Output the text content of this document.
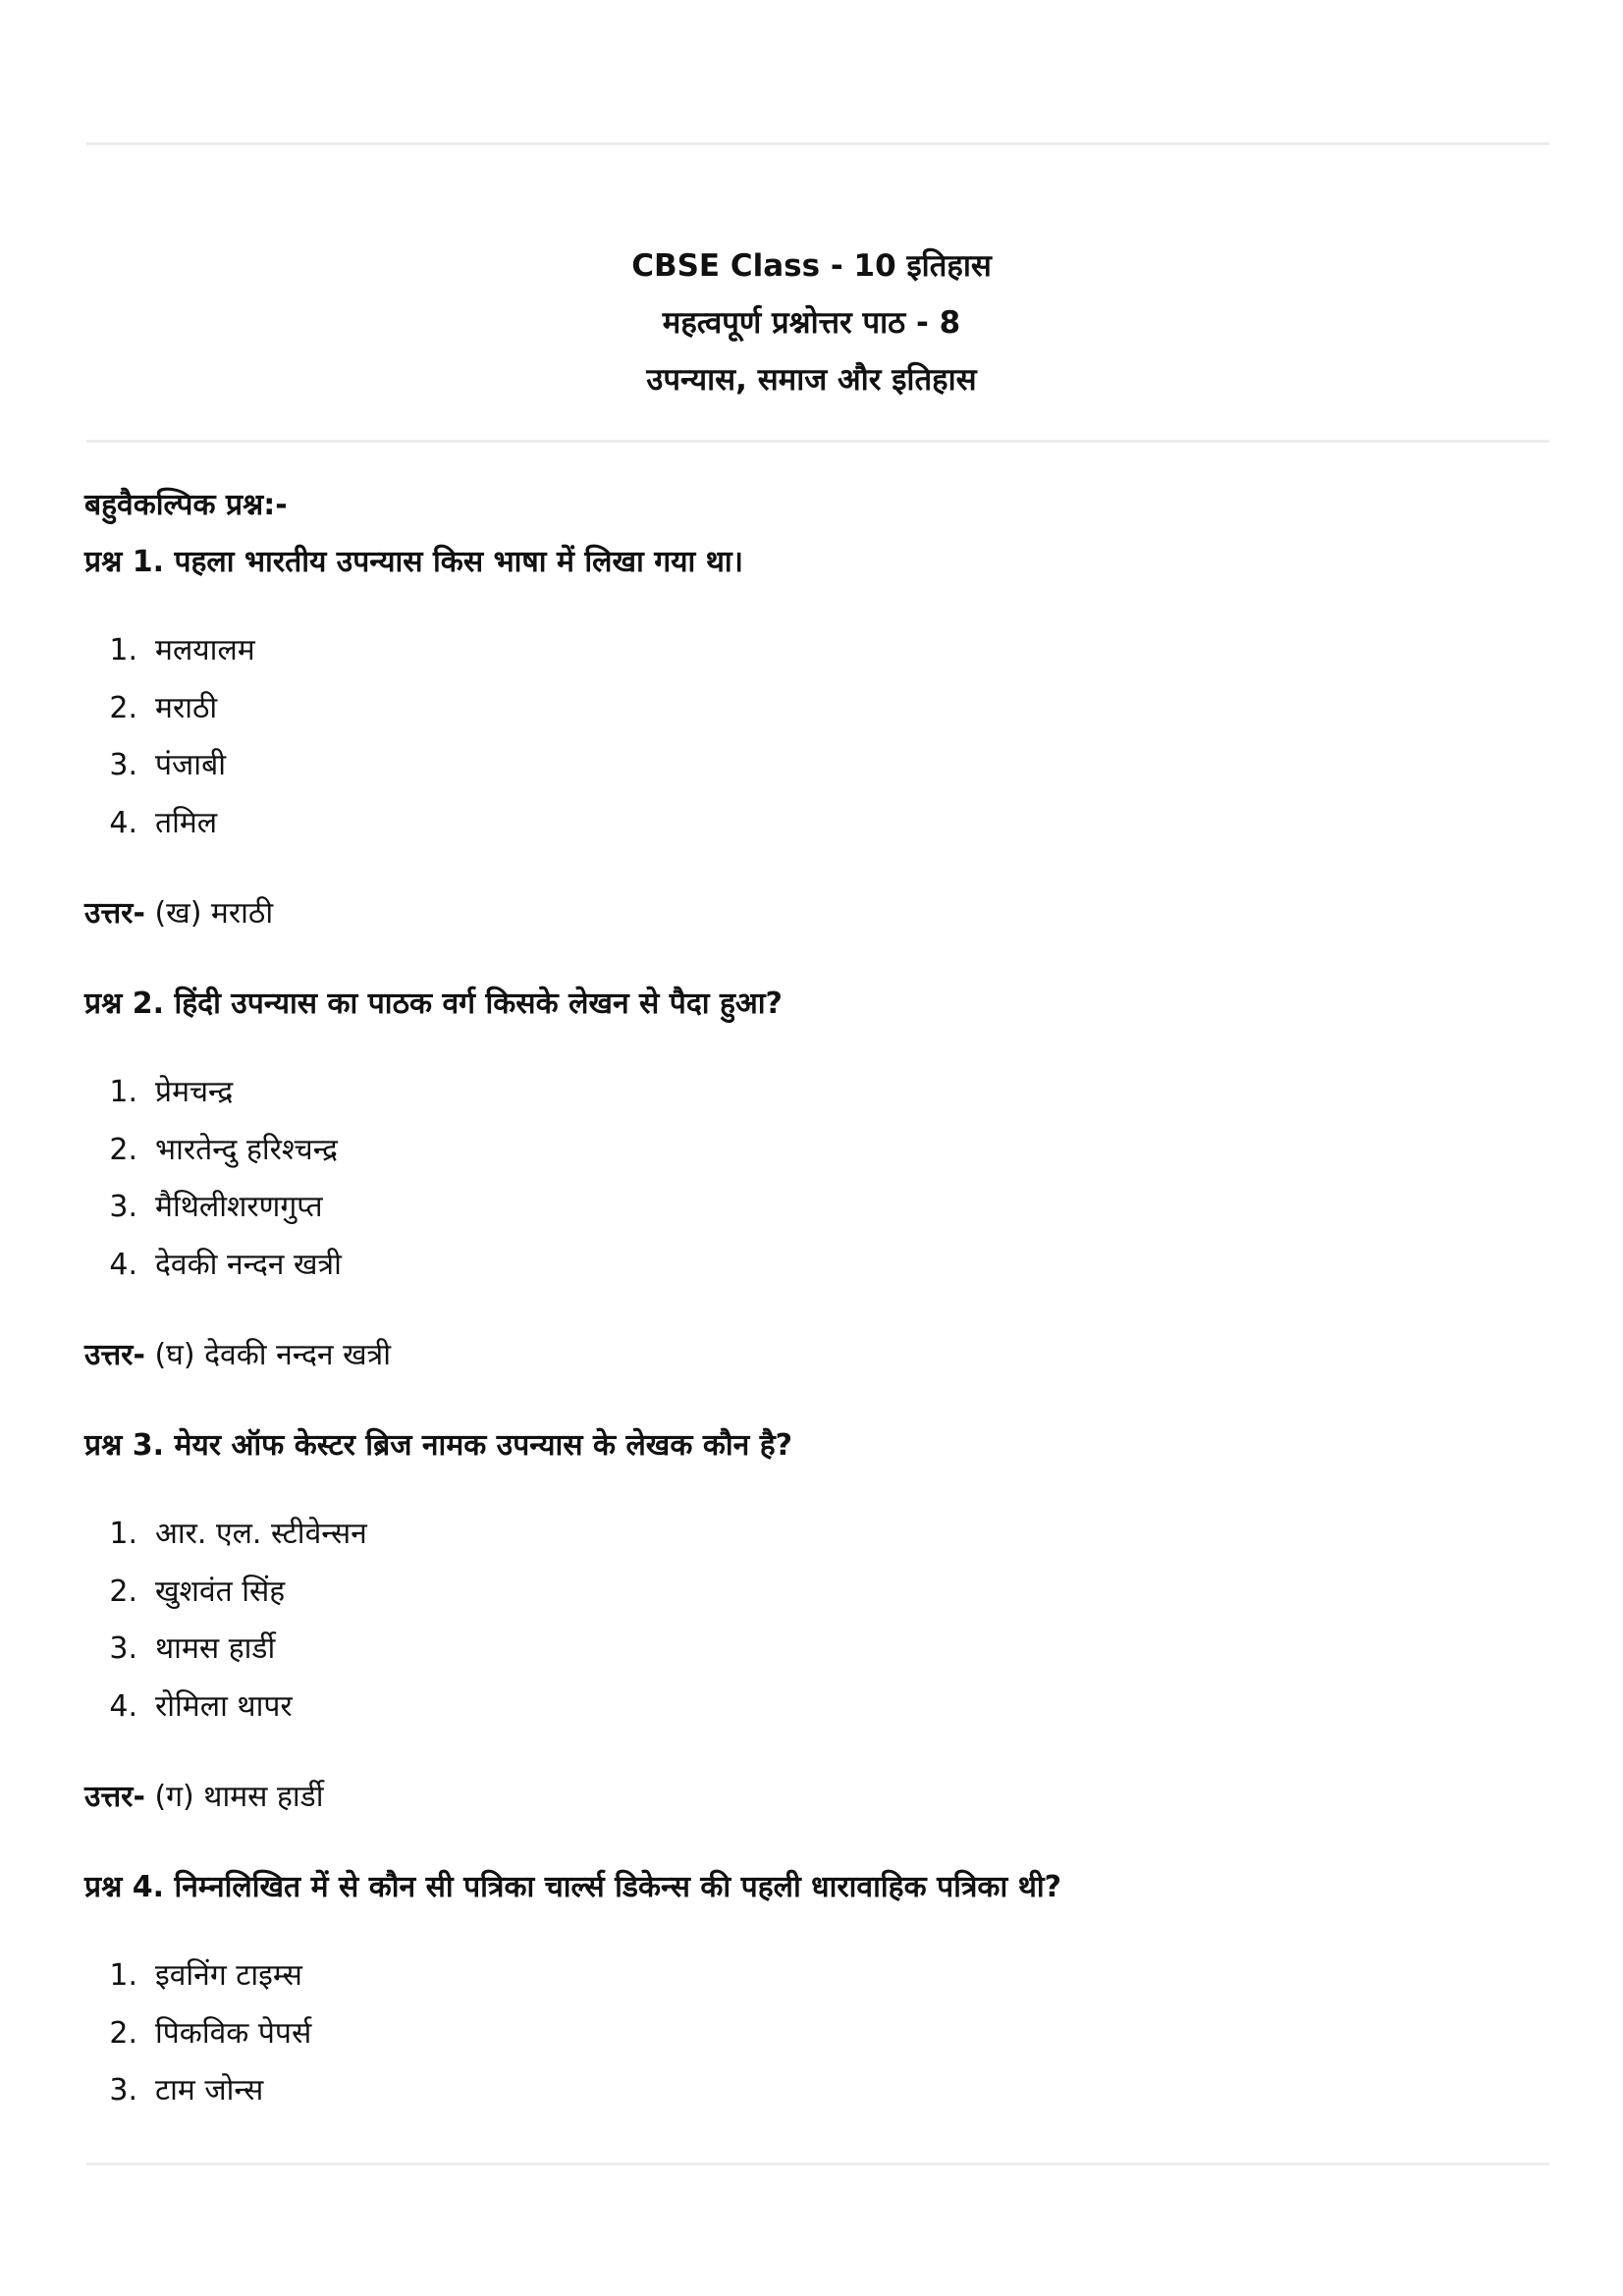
CBSE Class - 10 इतिहास
महत्वपूर्ण प्रश्नोत्तर पाठ - 8
उपन्यास, समाज और इतिहास
बहुवैकल्पिक प्रश्न:-
प्रश्न 1. पहला भारतीय उपन्यास किस भाषा में लिखा गया था।
1. मलयालम
2. मराठी
3. पंजाबी
4. तमिल
उत्तर- (ख) मराठी
प्रश्न 2. हिंदी उपन्यास का पाठक वर्ग किसके लेखन से पैदा हुआ?
1. प्रेमचन्द्र
2. भारतेन्दु हरिश्चन्द्र
3. मैथिलीशरणगुप्त
4. देवकी नन्दन खत्री
उत्तर- (घ) देवकी नन्दन खत्री
प्रश्न 3. मेयर ऑफ केस्टर ब्रिज नामक उपन्यास के लेखक कौन है?
1. आर. एल. स्टीवेन्सन
2. खुशवंत सिंह
3. थामस हार्डी
4. रोमिला थापर
उत्तर- (ग) थामस हार्डी
प्रश्न 4. निम्नलिखित में से कौन सी पत्रिका चार्ल्स डिकेन्स की पहली धारावाहिक पत्रिका थी?
1. इवनिंग टाइम्स
2. पिकविक पेपर्स
3. टाम जोन्स
